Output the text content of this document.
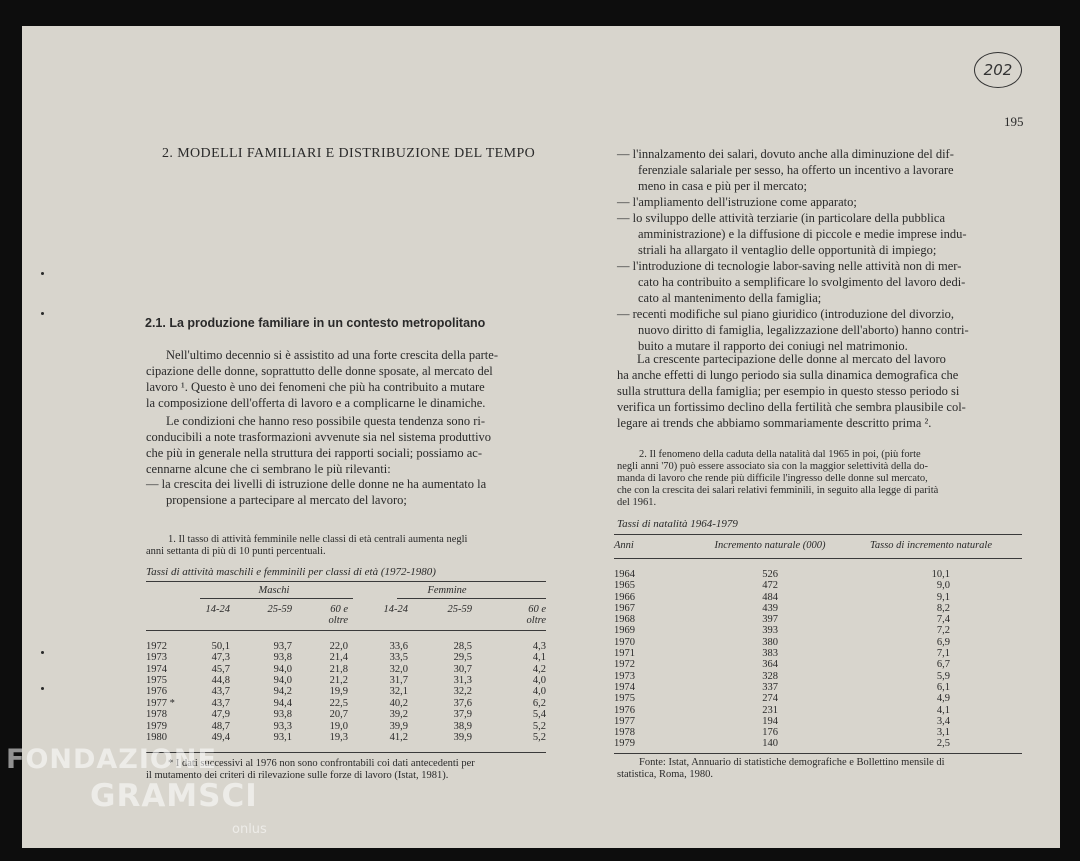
202
195
2. MODELLI FAMILIARI E DISTRIBUZIONE DEL TEMPO
2.1. La produzione familiare in un contesto metropolitano
Nell'ultimo decennio si è assistito ad una forte crescita della parte-
cipazione delle donne, soprattutto delle donne sposate, al mercato del
lavoro ¹. Questo è uno dei fenomeni che più ha contribuito a mutare
la composizione dell'offerta di lavoro e a complicarne le dinamiche.
Le condizioni che hanno reso possibile questa tendenza sono ri-
conducibili a note trasformazioni avvenute sia nel sistema produttivo
che più in generale nella struttura dei rapporti sociali; possiamo ac-
cennarne alcune che ci sembrano le più rilevanti:
— la crescita dei livelli di istruzione delle donne ne ha aumentato la
propensione a partecipare al mercato del lavoro;
1. Il tasso di attività femminile nelle classi di età centrali aumenta negli
anni settanta di più di 10 punti percentuali.
Tassi di attività maschili e femminili per classi di età (1972-1980)
	Maschi			Femmine		

	14-24	25-59	60 e	14-24	25-59	60 e
			oltre			oltre

1972	50,1	93,7	22,0	33,6	28,5	4,3
1973	47,3	93,8	21,4	33,5	29,5	4,1
1974	45,7	94,0	21,8	32,0	30,7	4,2
1975	44,8	94,0	21,2	31,7	31,3	4,0
1976	43,7	94,2	19,9	32,1	32,2	4,0
1977 *	43,7	94,4	22,5	40,2	37,6	6,2
1978	47,9	93,8	20,7	39,2	37,9	5,4
1979	48,7	93,3	19,0	39,9	38,9	5,2
1980	49,4	93,1	19,3	41,2	39,9	5,2
* I dati successivi al 1976 non sono confrontabili coi dati antecedenti per
il mutamento dei criteri di rilevazione sulle forze di lavoro (Istat, 1981).
— l'innalzamento dei salari, dovuto anche alla diminuzione del dif-
ferenziale salariale per sesso, ha offerto un incentivo a lavorare
meno in casa e più per il mercato;
— l'ampliamento dell'istruzione come apparato;
— lo sviluppo delle attività terziarie (in particolare della pubblica
amministrazione) e la diffusione di piccole e medie imprese indu-
striali ha allargato il ventaglio delle opportunità di impiego;
— l'introduzione di tecnologie labor-saving nelle attività non di mer-
cato ha contribuito a semplificare lo svolgimento del lavoro dedi-
cato al mantenimento della famiglia;
— recenti modifiche sul piano giuridico (introduzione del divorzio,
nuovo diritto di famiglia, legalizzazione dell'aborto) hanno contri-
buito a mutare il rapporto dei coniugi nel matrimonio.
La crescente partecipazione delle donne al mercato del lavoro
ha anche effetti di lungo periodo sia sulla dinamica demografica che
sulla struttura della famiglia; per esempio in questo stesso periodo si
verifica un fortissimo declino della fertilità che sembra plausibile col-
legare ai trends che abbiamo sommariamente descritto prima ².
2. Il fenomeno della caduta della natalità dal 1965 in poi, (più forte
negli anni '70) può essere associato sia con la maggior selettività della do-
manda di lavoro che rende più difficile l'ingresso delle donne sul mercato,
che con la crescita dei salari relativi femminili, in seguito alla legge di parità
del 1961.
Tassi di natalità 1964-1979
Anni	Incremento naturale (000)	Tasso di incremento naturale

1964	526	10,1
1965	472	9,0
1966	484	9,1
1967	439	8,2
1968	397	7,4
1969	393	7,2
1970	380	6,9
1971	383	7,1
1972	364	6,7
1973	328	5,9
1974	337	6,1
1975	274	4,9
1976	231	4,1
1977	194	3,4
1978	176	3,1
1979	140	2,5
Fonte: Istat, Annuario di statistiche demografiche e Bollettino mensile di
statistica, Roma, 1980.
FONDAZIONE
GRAMSCI
onlus
